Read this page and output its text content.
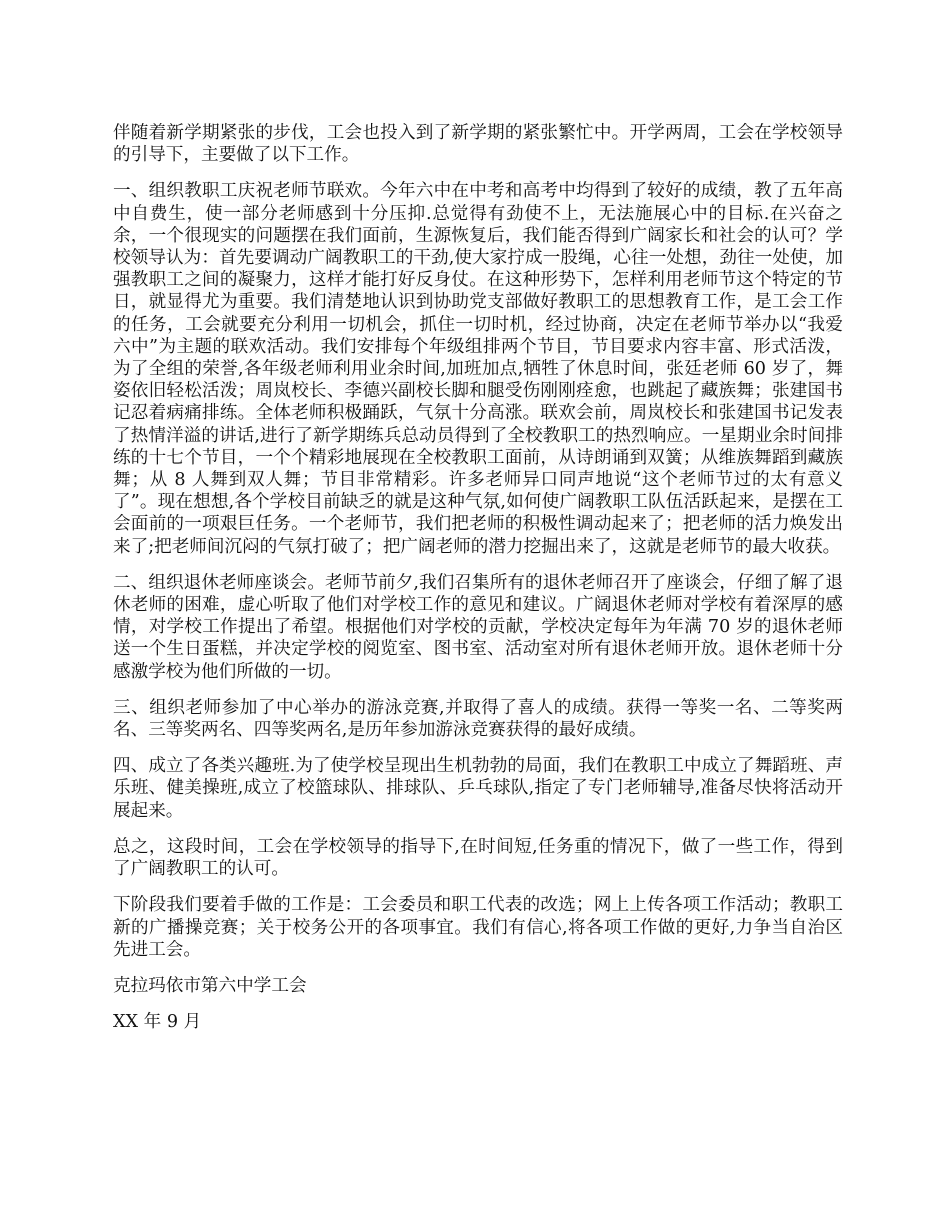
伴随着新学期紧张的步伐，工会也投入到了新学期的紧张繁忙中。开学两周，工会在学校领导的引导下，主要做了以下工作。

一、组织教职工庆祝老师节联欢。今年六中在中考和高考中均得到了较好的成绩，教了五年高中自费生，使一部分老师感到十分压抑.总觉得有劲使不上，无法施展心中的目标.在兴奋之余，一个很现实的问题摆在我们面前，生源恢复后，我们能否得到广阔家长和社会的认可？学校领导认为：首先要调动广阔教职工的干劲,使大家拧成一股绳，心往一处想，劲往一处使，加强教职工之间的凝聚力，这样才能打好反身仗。在这种形势下，怎样利用老师节这个特定的节日，就显得尤为重要。我们清楚地认识到协助党支部做好教职工的思想教育工作，是工会工作的任务，工会就要充分利用一切机会，抓住一切时机，经过协商，决定在老师节举办以“我爱六中”为主题的联欢活动。我们安排每个年级组排两个节目，节目要求内容丰富、形式活泼，为了全组的荣誉,各年级老师利用业余时间,加班加点,牺牲了休息时间，张廷老师 60 岁了，舞姿依旧轻松活泼；周岚校长、李德兴副校长脚和腿受伤刚刚痊愈，也跳起了藏族舞；张建国书记忍着病痛排练。全体老师积极踊跃，气氛十分高涨。联欢会前，周岚校长和张建国书记发表了热情洋溢的讲话,进行了新学期练兵总动员得到了全校教职工的热烈响应。一星期业余时间排练的十七个节目，一个个精彩地展现在全校教职工面前，从诗朗诵到双簧；从维族舞蹈到藏族舞；从 8 人舞到双人舞；节目非常精彩。许多老师异口同声地说“这个老师节过的太有意义了”。现在想想,各个学校目前缺乏的就是这种气氛,如何使广阔教职工队伍活跃起来，是摆在工会面前的一项艰巨任务。一个老师节，我们把老师的积极性调动起来了；把老师的活力焕发出来了;把老师间沉闷的气氛打破了；把广阔老师的潜力挖掘出来了，这就是老师节的最大收获。

二、组织退休老师座谈会。老师节前夕,我们召集所有的退休老师召开了座谈会，仔细了解了退休老师的困难，虚心听取了他们对学校工作的意见和建议。广阔退休老师对学校有着深厚的感情，对学校工作提出了希望。根据他们对学校的贡献，学校决定每年为年满 70 岁的退休老师送一个生日蛋糕，并决定学校的阅览室、图书室、活动室对所有退休老师开放。退休老师十分感激学校为他们所做的一切。

三、组织老师参加了中心举办的游泳竞赛,并取得了喜人的成绩。获得一等奖一名、二等奖两名、三等奖两名、四等奖两名,是历年参加游泳竞赛获得的最好成绩。

四、成立了各类兴趣班.为了使学校呈现出生机勃勃的局面，我们在教职工中成立了舞蹈班、声乐班、健美操班,成立了校篮球队、排球队、乒乓球队,指定了专门老师辅导,准备尽快将活动开展起来。

总之，这段时间，工会在学校领导的指导下,在时间短,任务重的情况下，做了一些工作，得到了广阔教职工的认可。

下阶段我们要着手做的工作是：工会委员和职工代表的改选；网上上传各项工作活动；教职工新的广播操竞赛；关于校务公开的各项事宜。我们有信心,将各项工作做的更好,力争当自治区先进工会。

克拉玛依市第六中学工会

XX 年 9 月
